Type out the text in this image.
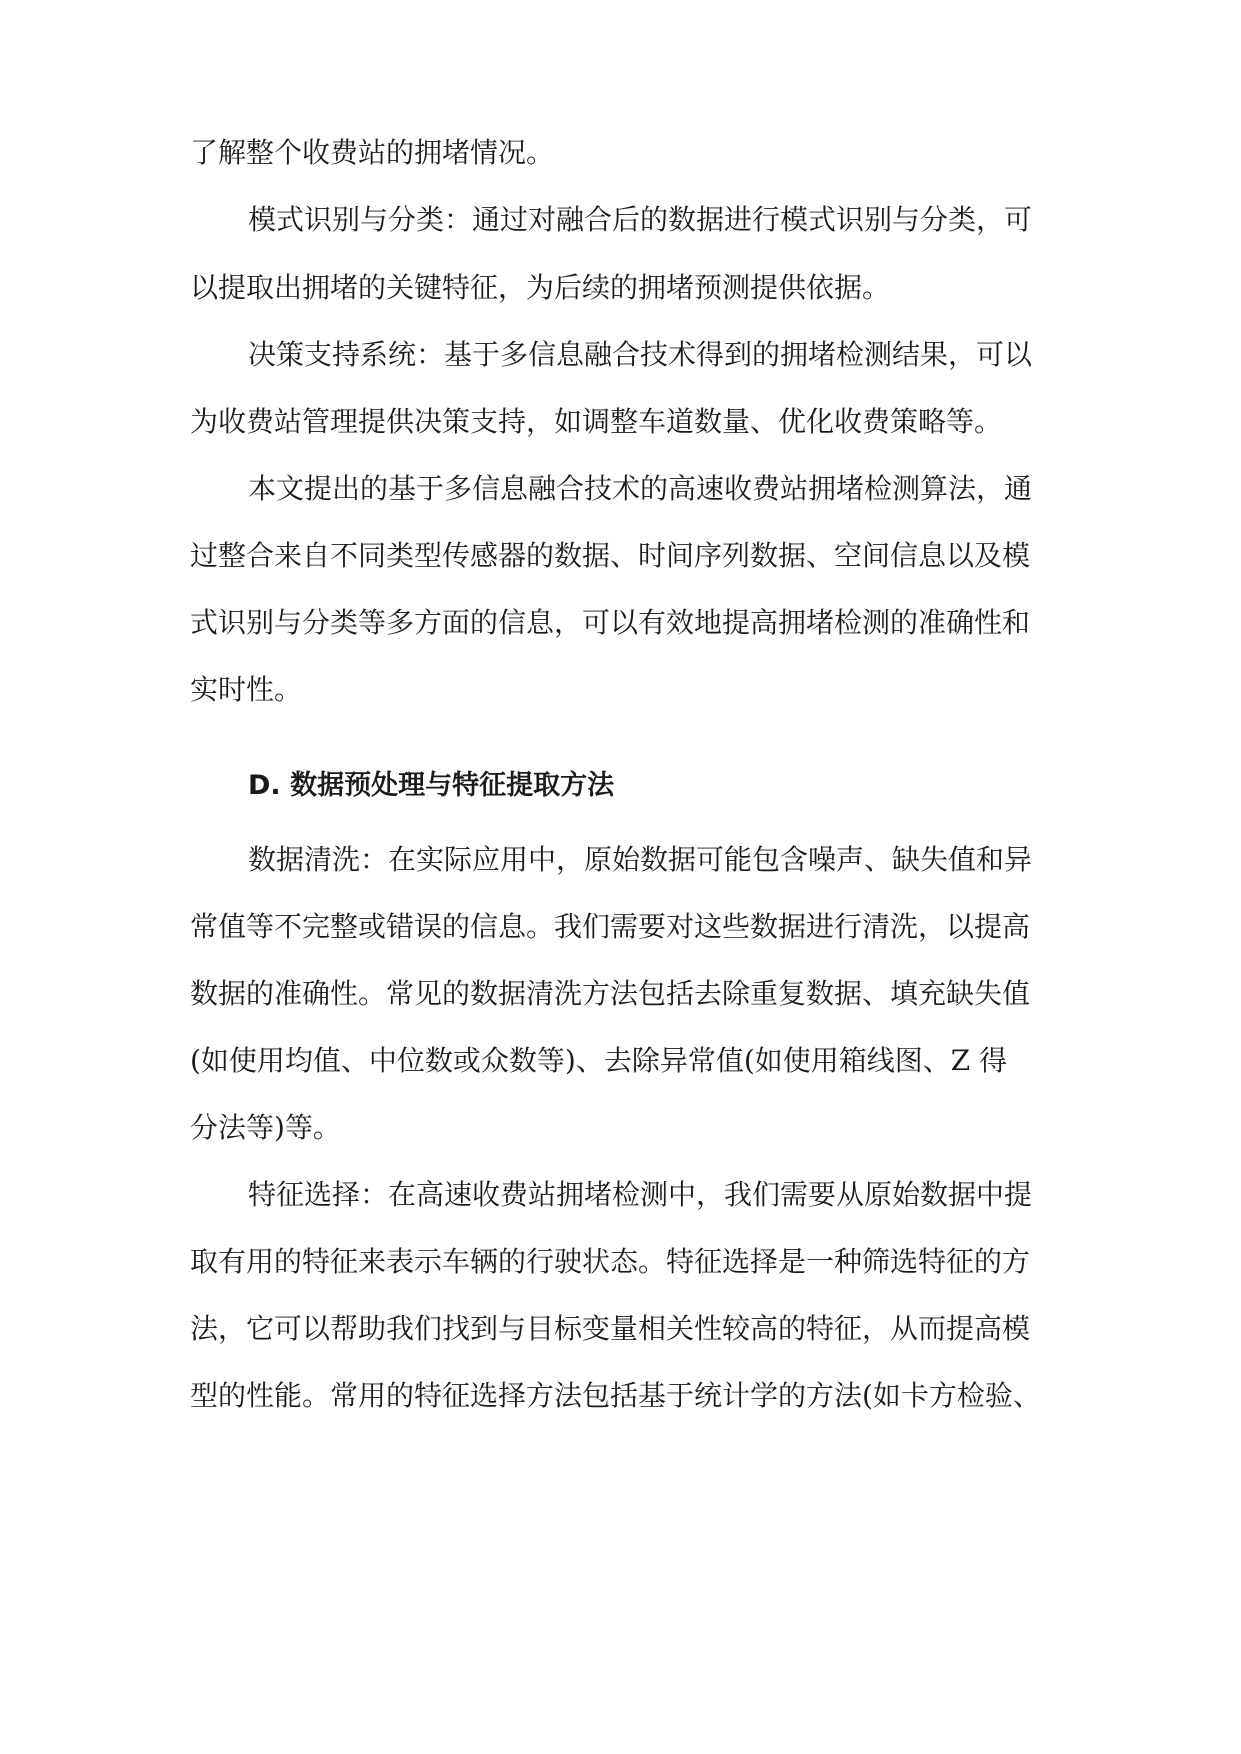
了解整个收费站的拥堵情况。
模式识别与分类：通过对融合后的数据进行模式识别与分类，可
以提取出拥堵的关键特征，为后续的拥堵预测提供依据。
决策支持系统：基于多信息融合技术得到的拥堵检测结果，可以
为收费站管理提供决策支持，如调整车道数量、优化收费策略等。
本文提出的基于多信息融合技术的高速收费站拥堵检测算法，通
过整合来自不同类型传感器的数据、时间序列数据、空间信息以及模
式识别与分类等多方面的信息，可以有效地提高拥堵检测的准确性和
实时性。
D. 数据预处理与特征提取方法
数据清洗：在实际应用中，原始数据可能包含噪声、缺失值和异
常值等不完整或错误的信息。我们需要对这些数据进行清洗，以提高
数据的准确性。常见的数据清洗方法包括去除重复数据、填充缺失值
(如使用均值、中位数或众数等)、去除异常值(如使用箱线图、Z 得
分法等)等。
特征选择：在高速收费站拥堵检测中，我们需要从原始数据中提
取有用的特征来表示车辆的行驶状态。特征选择是一种筛选特征的方
法，它可以帮助我们找到与目标变量相关性较高的特征，从而提高模
型的性能。常用的特征选择方法包括基于统计学的方法(如卡方检验、
